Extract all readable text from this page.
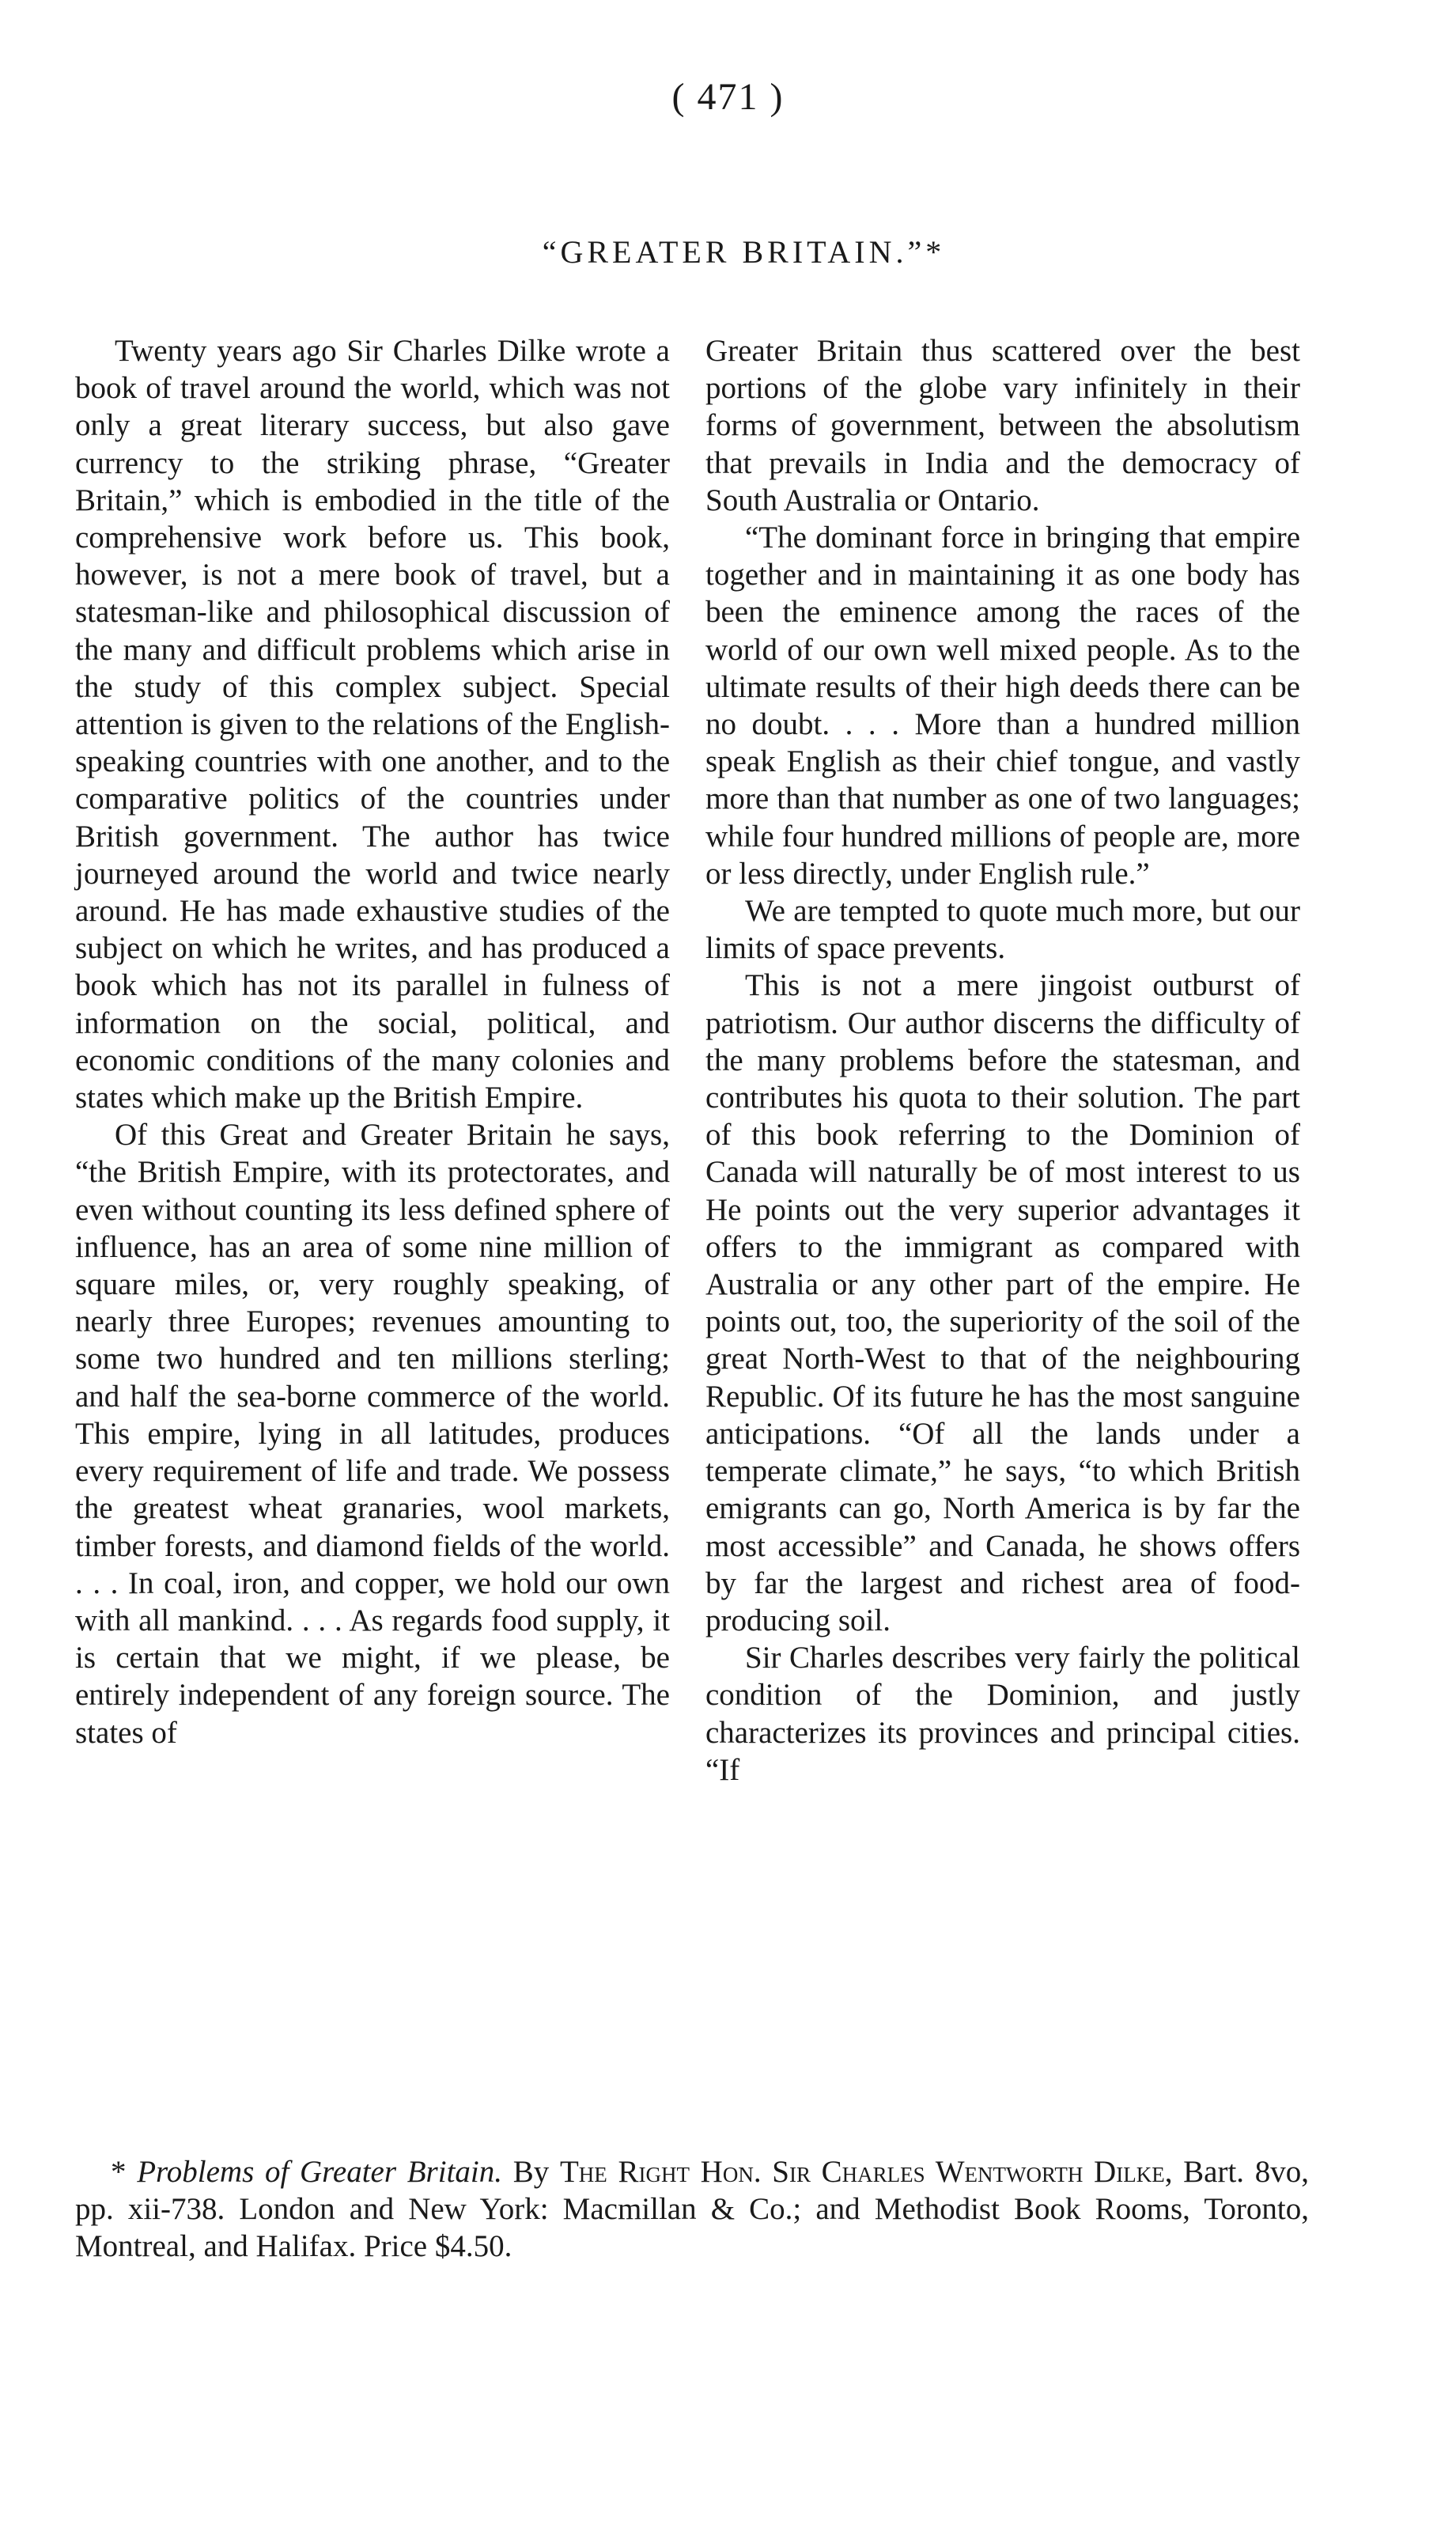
( 471 )
“GREATER BRITAIN.”*

Twenty years ago Sir Charles Dilke wrote a book of travel around the world, which was not only a great literary success, but also gave currency to the striking phrase, “Greater Britain,” which is embodied in the title of the comprehensive work before us. This book, however, is not a mere book of travel, but a statesman-like and philosophical discussion of the many and difficult problems which arise in the study of this complex subject. Special attention is given to the relations of the English-speaking countries with one another, and to the comparative politics of the countries under British government. The author has twice journeyed around the world and twice nearly around. He has made exhaustive studies of the subject on which he writes, and has produced a book which has not its parallel in fulness of information on the social, political, and economic conditions of the many colonies and states which make up the British Empire.

Of this Great and Greater Britain he says, “the British Empire, with its protectorates, and even without counting its less defined sphere of influence, has an area of some nine million of square miles, or, very roughly speaking, of nearly three Europes; revenues amounting to some two hundred and ten millions sterling; and half the sea-borne commerce of the world. This empire, lying in all latitudes, produces every requirement of life and trade. We possess the greatest wheat granaries, wool markets, timber forests, and diamond fields of the world. . . . In coal, iron, and copper, we hold our own with all mankind. . . . As regards food supply, it is certain that we might, if we please, be entirely independent of any foreign source. The states of

Greater Britain thus scattered over the best portions of the globe vary infinitely in their forms of government, between the absolutism that prevails in India and the democracy of South Australia or Ontario.

“The dominant force in bringing that empire together and in maintaining it as one body has been the eminence among the races of the world of our own well mixed people. As to the ultimate results of their high deeds there can be no doubt. . . . More than a hundred million speak English as their chief tongue, and vastly more than that number as one of two languages; while four hundred millions of people are, more or less directly, under English rule.”

We are tempted to quote much more, but our limits of space prevents.

This is not a mere jingoist outburst of patriotism. Our author discerns the difficulty of the many problems before the statesman, and contributes his quota to their solution. The part of this book referring to the Dominion of Canada will naturally be of most interest to us He points out the very superior advantages it offers to the immigrant as compared with Australia or any other part of the empire. He points out, too, the superiority of the soil of the great North-West to that of the neighbouring Republic. Of its future he has the most sanguine anticipations. “Of all the lands under a temperate climate,” he says, “to which British emigrants can go, North America is by far the most accessible” and Canada, he shows offers by far the largest and richest area of food-producing soil.

Sir Charles describes very fairly the political condition of the Dominion, and justly characterizes its provinces and principal cities. “If

* Problems of Greater Britain. By The Right Hon. Sir Charles Wentworth Dilke, Bart. 8vo, pp. xii-738. London and New York: Macmillan & Co.; and Methodist Book Rooms, Toronto, Montreal, and Halifax. Price $4.50.
